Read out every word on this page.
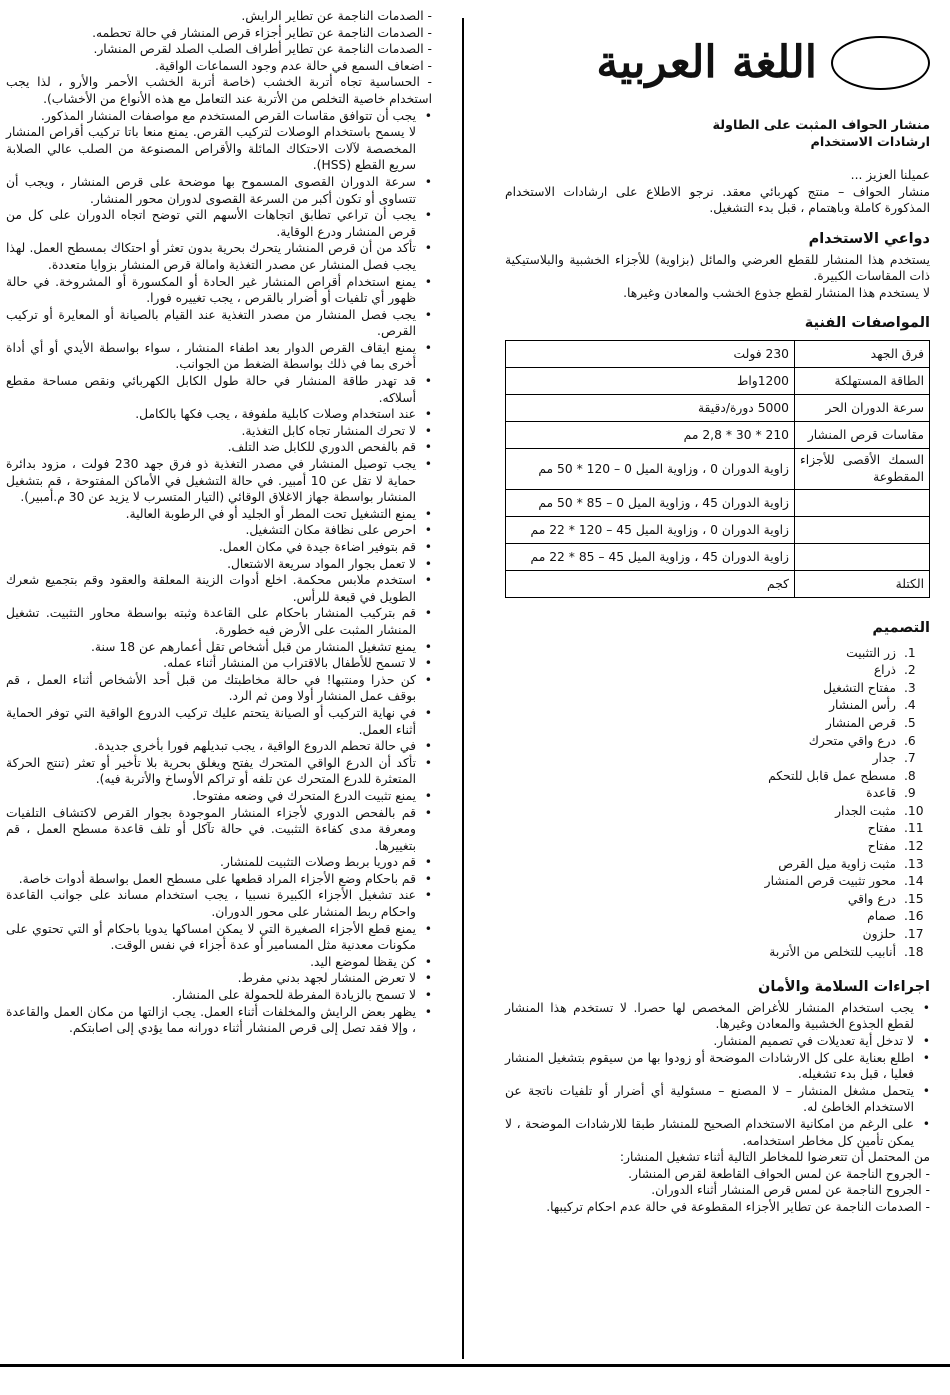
اللغة العربية
منشار الحواف المثبت على الطاولة
ارشادات الاستخدام

عميلنا العزيز ...

منشار الحواف – منتج كهربائي معقد. نرجو الاطلاع على ارشادات الاستخدام المذكورة كاملة وباهتمام ، قبل بدء التشغيل.

دواعي الاستخدام

يستخدم هذا المنشار للقطع العرضي والمائل (بزاوية) للأجزاء الخشبية والبلاستيكية ذات المقاسات الكبيرة.

لا يستخدم هذا المنشار لقطع جذوع الخشب والمعادن وغيرها.

المواصفات الفنية
فرق الجهد	230 فولت
الطاقة المستهلكة	1200واط
سرعة الدوران الحر	5000 دورة/دقيقة
مقاسات قرص المنشار	210 * 30 * 2,8 مم
السمك الأقصى للأجزاء المقطوعة	زاوية الدوران 0 ، وزاوية الميل 0 – 120 * 50 مم
	زاوية الدوران 45 ، وزاوية الميل 0 – 85 * 50 مم
	زاوية الدوران 0 ، وزاوية الميل 45 – 120 * 22 مم
	زاوية الدوران 45 ، وزاوية الميل 45 – 85 * 22 مم
الكتلة	كجم
التصميم
1.
زر التثبيت
2.
ذراع
3.
مفتاح التشغيل
4.
رأس المنشار
5.
قرص المنشار
6.
درع واقي متحرك
7.
جدار
8.
مسطح عمل قابل للتحكم
9.
قاعدة
10.
مثبت الجدار
11.
مفتاح
12.
مفتاح
13.
مثبت زاوية ميل القرص
14.
محور تثبيت قرص المنشار
15.
درع واقي
16.
صمام
17.
حلزون
18.
أنابيب للتخلص من الأتربة
اجراءات السلامة والأمان
• يجب استخدام المنشار للأغراض المخصص لها حصرا. لا تستخدم هذا المنشار لقطع الجذوع الخشبية والمعادن وغيرها.
• لا تدخل أية تعديلات في تصميم المنشار.
• اطلع بعناية على كل الارشادات الموضحة أو زودوا بها من سيقوم بتشغيل المنشار فعليا ، قبل بدء تشغيله.
• يتحمل مشغل المنشار – لا المصنع – مسئولية أي أضرار أو تلفيات ناتجة عن الاستخدام الخاطئ له.
• على الرغم من امكانية الاستخدام الصحيح للمنشار طبقا للارشادات الموضحة ، لا يمكن تأمين كل مخاطر استخدامه.

من المحتمل أن تتعرضوا للمخاطر التالية أثناء تشغيل المنشار:

- الجروح الناجمة عن لمس الحواف القاطعة لقرص المنشار.
- الجروح الناجمة عن لمس قرص المنشار أثناء الدوران.
- الصدمات الناجمة عن تطاير الأجزاء المقطوعة في حالة عدم احكام تركيبها.
- الصدمات الناجمة عن تطاير الرايش.
- الصدمات الناجمة عن تطاير أجزاء قرص المنشار في حالة تحطمه.
- الصدمات الناجمة عن تطاير أطراف الصلب الصلد لقرص المنشار.
- اضعاف السمع في حالة عدم وجود السماعات الواقية.
- الحساسية تجاه أتربة الخشب (خاصة أتربة الخشب الأحمر والأرو ، لذا يجب استخدام خاصية التخلص من الأتربة عند التعامل مع هذه الأنواع من الأخشاب).
• يجب أن تتوافق مقاسات القرص المستخدم مع مواصفات المنشار المذكور.

لا يسمح باستخدام الوصلات لتركيب القرص. يمنع منعا باتا تركيب أقراص المنشار المخصصة لآلات الاحتكاك المائلة والأقراص المصنوعة من الصلب عالي الصلابة سريع القطع (HSS).

• سرعة الدوران القصوى المسموح بها موضحة على قرص المنشار ، ويجب أن تتساوى أو تكون أكبر من السرعة القصوى لدوران محور المنشار.
• يجب أن تراعي تطابق اتجاهات الأسهم التي توضح اتجاه الدوران على كل من قرص المنشار ودرع الوقاية.
• تأكد من أن قرص المنشار يتحرك بحرية بدون تعثر أو احتكاك بمسطح العمل. لهذا يجب فصل المنشار عن مصدر التغذية وامالة قرص المنشار بزوايا متعددة.
• يمنع استخدام أقراص المنشار غير الحادة أو المكسورة أو المشروخة. في حالة ظهور أي تلفيات أو أضرار بالقرص ، يجب تغييره فورا.
• يجب فصل المنشار من مصدر التغذية عند القيام بالصيانة أو المعايرة أو تركيب القرص.
• يمنع ايقاف القرص الدوار بعد اطفاء المنشار ، سواء بواسطة الأيدي أو أي أداة أخرى بما في ذلك بواسطة الضغط من الجوانب.
• قد تهدر طاقة المنشار في حالة طول الكابل الكهربائي ونقص مساحة مقطع أسلاكه.
• عند استخدام وصلات كابلية ملفوفة ، يجب فكها بالكامل.
• لا تحرك المنشار تجاه كابل التغذية.
• قم بالفحص الدوري للكابل ضد التلف.
• يجب توصيل المنشار في مصدر التغذية ذو فرق جهد 230 فولت ، مزود بدائرة حماية لا تقل عن 10 أمبير. في حالة التشغيل في الأماكن المفتوحة ، قم بتشغيل المنشار بواسطة جهاز الاغلاق الوقائي (التيار المتسرب لا يزيد عن 30 م.أمبير).
• يمنع التشغيل تحت المطر أو الجليد أو في الرطوبة العالية.
• احرص على نظافة مكان التشغيل.
• قم بتوفير اضاءة جيدة في مكان العمل.
• لا تعمل بجوار المواد سريعة الاشتعال.
• استخدم ملابس محكمة. اخلع أدوات الزينة المعلقة والعقود وقم بتجميع شعرك الطويل في قبعة للرأس.
• قم بتركيب المنشار باحكام على القاعدة وثبته بواسطة محاور التثبيت. تشغيل المنشار المثبت على الأرض فيه خطورة.
• يمنع تشغيل المنشار من قبل أشخاص تقل أعمارهم عن 18 سنة.
• لا تسمح للأطفال بالاقتراب من المنشار أثناء عمله.
• كن حذرا ومنتبها! في حالة مخاطبتك من قبل أحد الأشخاص أثناء العمل ، قم بوقف عمل المنشار أولا ومن ثم الرد.
• في نهاية التركيب أو الصيانة يتحتم عليك تركيب الدروع الواقية التي توفر الحماية أثناء العمل.
• في حالة تحطم الدروع الواقية ، يجب تبديلهم فورا بأخرى جديدة.
• تأكد أن الدرع الواقي المتحرك يفتح ويغلق بحرية بلا تأخير أو تعثر (تنتج الحركة المتعثرة للدرع المتحرك عن تلفه أو تراكم الأوساخ والأتربة فيه).
• يمنع تثبيت الدرع المتحرك في وضعه مفتوحا.
• قم بالفحص الدوري لأجزاء المنشار الموجودة بجوار القرص لاكتشاف التلفيات ومعرفة مدى كفاءة التثبيت. في حالة تآكل أو تلف قاعدة مسطح العمل ، قم بتغييرها.
• قم دوريا بربط وصلات التثبيت للمنشار.
• قم باحكام وضع الأجزاء المراد قطعها على مسطح العمل بواسطة أدوات خاصة.
• عند تشغيل الأجزاء الكبيرة نسبيا ، يجب استخدام مساند على جوانب القاعدة واحكام ربط المنشار على محور الدوران.
• يمنع قطع الأجزاء الصغيرة التي لا يمكن امساكها يدويا باحكام أو التي تحتوي على مكونات معدنية مثل المسامير أو عدة أجزاء في نفس الوقت.
• كن يقظا لموضع اليد.
• لا تعرض المنشار لجهد بدني مفرط.
• لا تسمح بالزيادة المفرطة للحمولة على المنشار.
• يظهر بعض الرايش والمخلفات أثناء العمل. يجب ازالتها من مكان العمل والقاعدة ، وإلا فقد تصل إلى قرص المنشار أثناء دورانه مما يؤدي إلى اصابتكم.
